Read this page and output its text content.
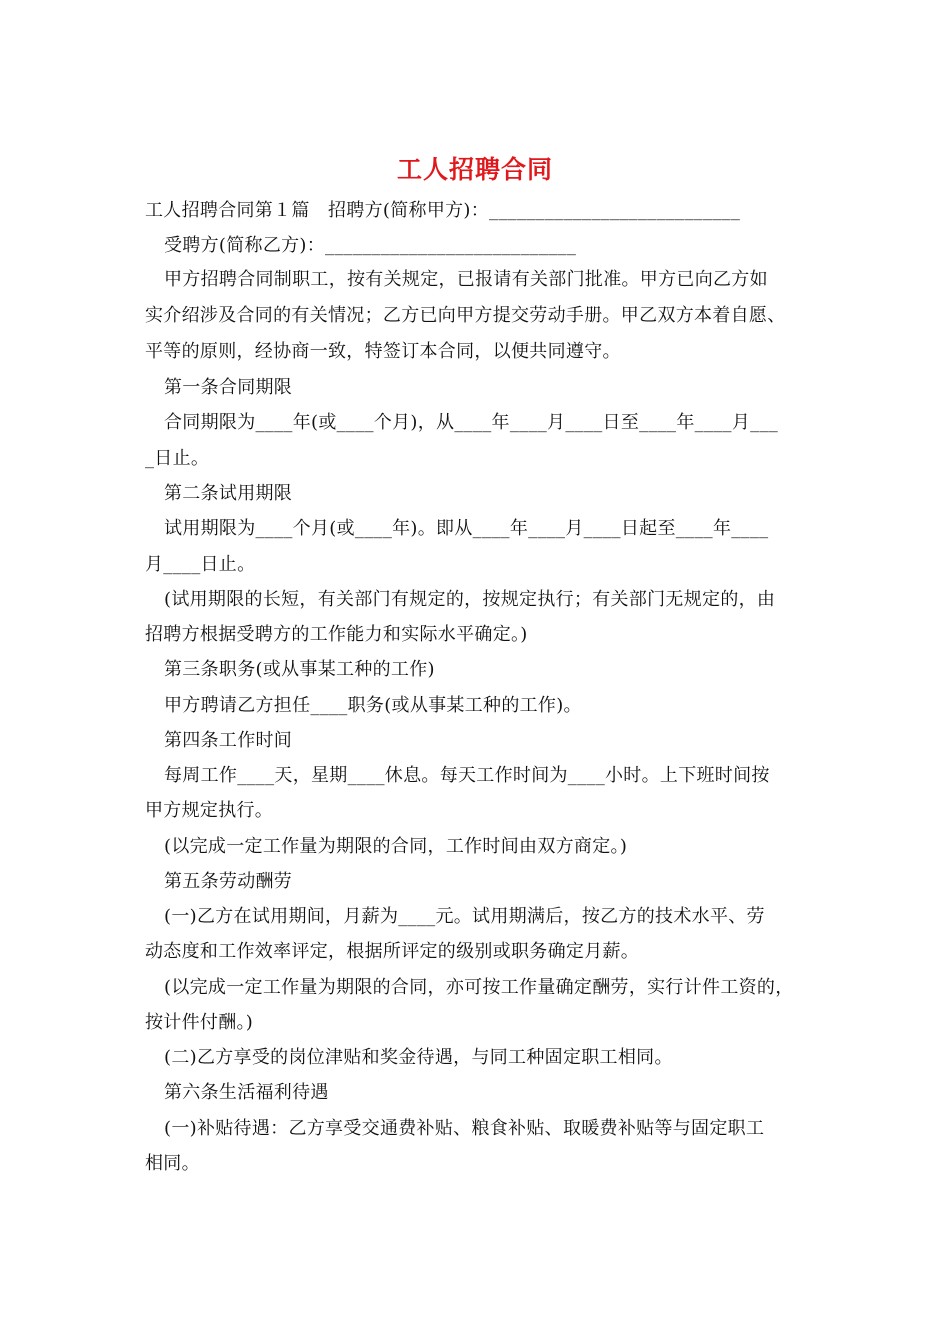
工人招聘合同
工人招聘合同第１篇　招聘方(简称甲方)：___________________________
受聘方(简称乙方)：___________________________
甲方招聘合同制职工，按有关规定，已报请有关部门批准。甲方已向乙方如
实介绍涉及合同的有关情况；乙方已向甲方提交劳动手册。甲乙双方本着自愿、
平等的原则，经协商一致，特签订本合同，以便共同遵守。
第一条合同期限
合同期限为____年(或____个月)，从____年____月____日至____年____月___
_日止。
第二条试用期限
试用期限为____个月(或____年)。即从____年____月____日起至____年____
月____日止。
(试用期限的长短，有关部门有规定的，按规定执行；有关部门无规定的，由
招聘方根据受聘方的工作能力和实际水平确定。)
第三条职务(或从事某工种的工作)
甲方聘请乙方担任____职务(或从事某工种的工作)。
第四条工作时间
每周工作____天，星期____休息。每天工作时间为____小时。上下班时间按
甲方规定执行。
(以完成一定工作量为期限的合同，工作时间由双方商定。)
第五条劳动酬劳
(一)乙方在试用期间，月薪为____元。试用期满后，按乙方的技术水平、劳
动态度和工作效率评定，根据所评定的级别或职务确定月薪。
(以完成一定工作量为期限的合同，亦可按工作量确定酬劳，实行计件工资的，
按计件付酬。)
(二)乙方享受的岗位津贴和奖金待遇，与同工种固定职工相同。
第六条生活福利待遇
(一)补贴待遇：乙方享受交通费补贴、粮食补贴、取暖费补贴等与固定职工
相同。
